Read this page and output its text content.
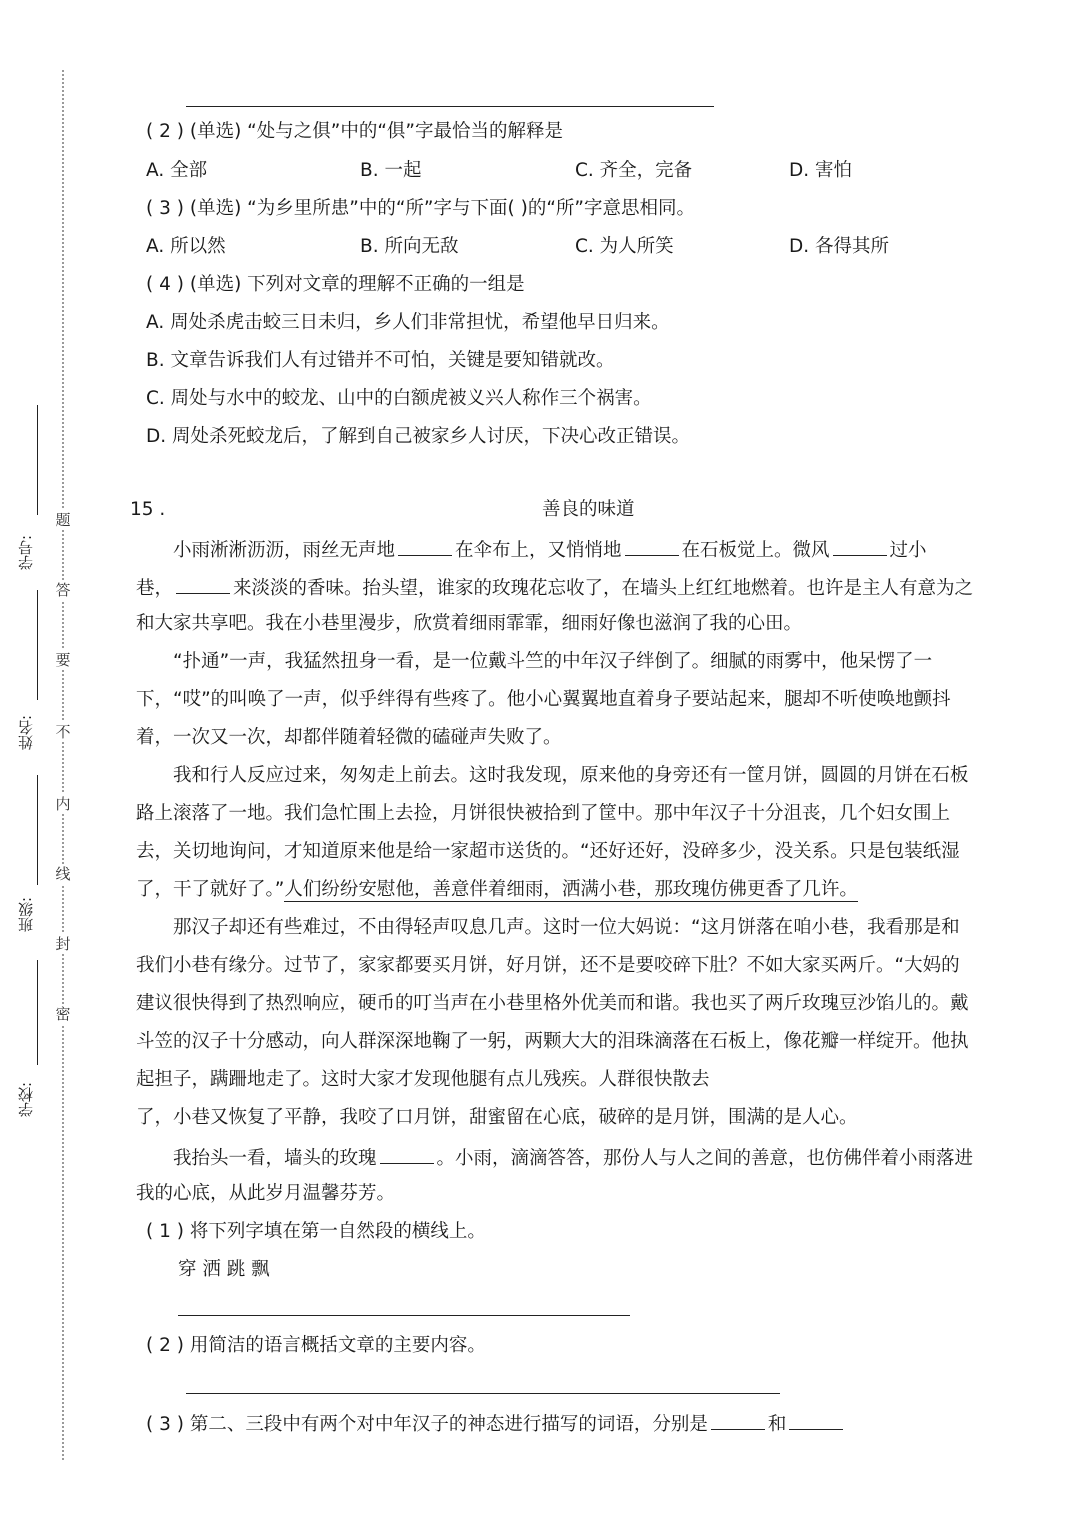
题
答
要
不
内
线
封
密
学号:
姓名:
班级:
学校:
( 2 ) (单选) “处与之俱”中的“俱”字最恰当的解释是
A. 全部	B. 一起	C. 齐全，完备	D. 害怕
( 3 ) (单选) “为乡里所患”中的“所”字与下面( )的“所”字意思相同。
A. 所以然	B. 所向无敌	C. 为人所笑	D. 各得其所
( 4 ) (单选) 下列对文章的理解不正确的一组是
A. 周处杀虎击蛟三日未归，乡人们非常担忧，希望他早日归来。
B. 文章告诉我们人有过错并不可怕，关键是要知错就改。
C. 周处与水中的蛟龙、山中的白额虎被义兴人称作三个祸害。
D. 周处杀死蛟龙后，了解到自己被家乡人讨厌，下决心改正错误。
15 .	善良的味道
小雨淅淅沥沥，雨丝无声地	在伞布上，又悄悄地	在石板觉上。微风	过小
巷，	来淡淡的香味。抬头望，谁家的玫瑰花忘收了，在墙头上红红地燃着。也许是主人有意为之
和大家共享吧。我在小巷里漫步，欣赏着细雨霏霏，细雨好像也滋润了我的心田。
“扑通”一声，我猛然扭身一看，是一位戴斗竺的中年汉子绊倒了。细腻的雨雾中，他呆愣了一
下，“哎”的叫唤了一声，似乎绊得有些疼了。他小心翼翼地直着身子要站起来，腿却不听使唤地颤抖
着，一次又一次，却都伴随着轻微的磕碰声失败了。
我和行人反应过来，匆匆走上前去。这时我发现，原来他的身旁还有一筐月饼，圆圆的月饼在石板
路上滚落了一地。我们急忙围上去捡，月饼很快被拾到了筐中。那中年汉子十分沮丧，几个妇女围上
去，关切地询问，才知道原来他是给一家超市送货的。“还好还好，没碎多少，没关系。只是包装纸湿
了，干了就好了。”人们纷纷安慰他，善意伴着细雨，洒满小巷，那玫瑰仿佛更香了几许。
那汉子却还有些难过，不由得轻声叹息几声。这时一位大妈说：“这月饼落在咱小巷，我看那是和
我们小巷有缘分。过节了，家家都要买月饼，好月饼，还不是要咬碎下肚？不如大家买两斤。“大妈的
建议很快得到了热烈响应，硬币的叮当声在小巷里格外优美而和谐。我也买了两斤玫瑰豆沙馅儿的。戴
斗笠的汉子十分感动，向人群深深地鞠了一躬，两颗大大的泪珠滴落在石板上，像花瓣一样绽开。他执
起担子，蹒跚地走了。这时大家才发现他腿有点儿残疾。人群很快散去
了，小巷又恢复了平静，我咬了口月饼，甜蜜留在心底，破碎的是月饼，围满的是人心。
我抬头一看，墙头的玫瑰	。小雨，滴滴答答，那份人与人之间的善意，也仿佛伴着小雨落进
我的心底，从此岁月温馨芬芳。
( 1 ) 将下列字填在第一自然段的横线上。
穿 洒 跳 飘
( 2 ) 用简洁的语言概括文章的主要内容。
( 3 ) 第二、三段中有两个对中年汉子的神态进行描写的词语，分别是	和
